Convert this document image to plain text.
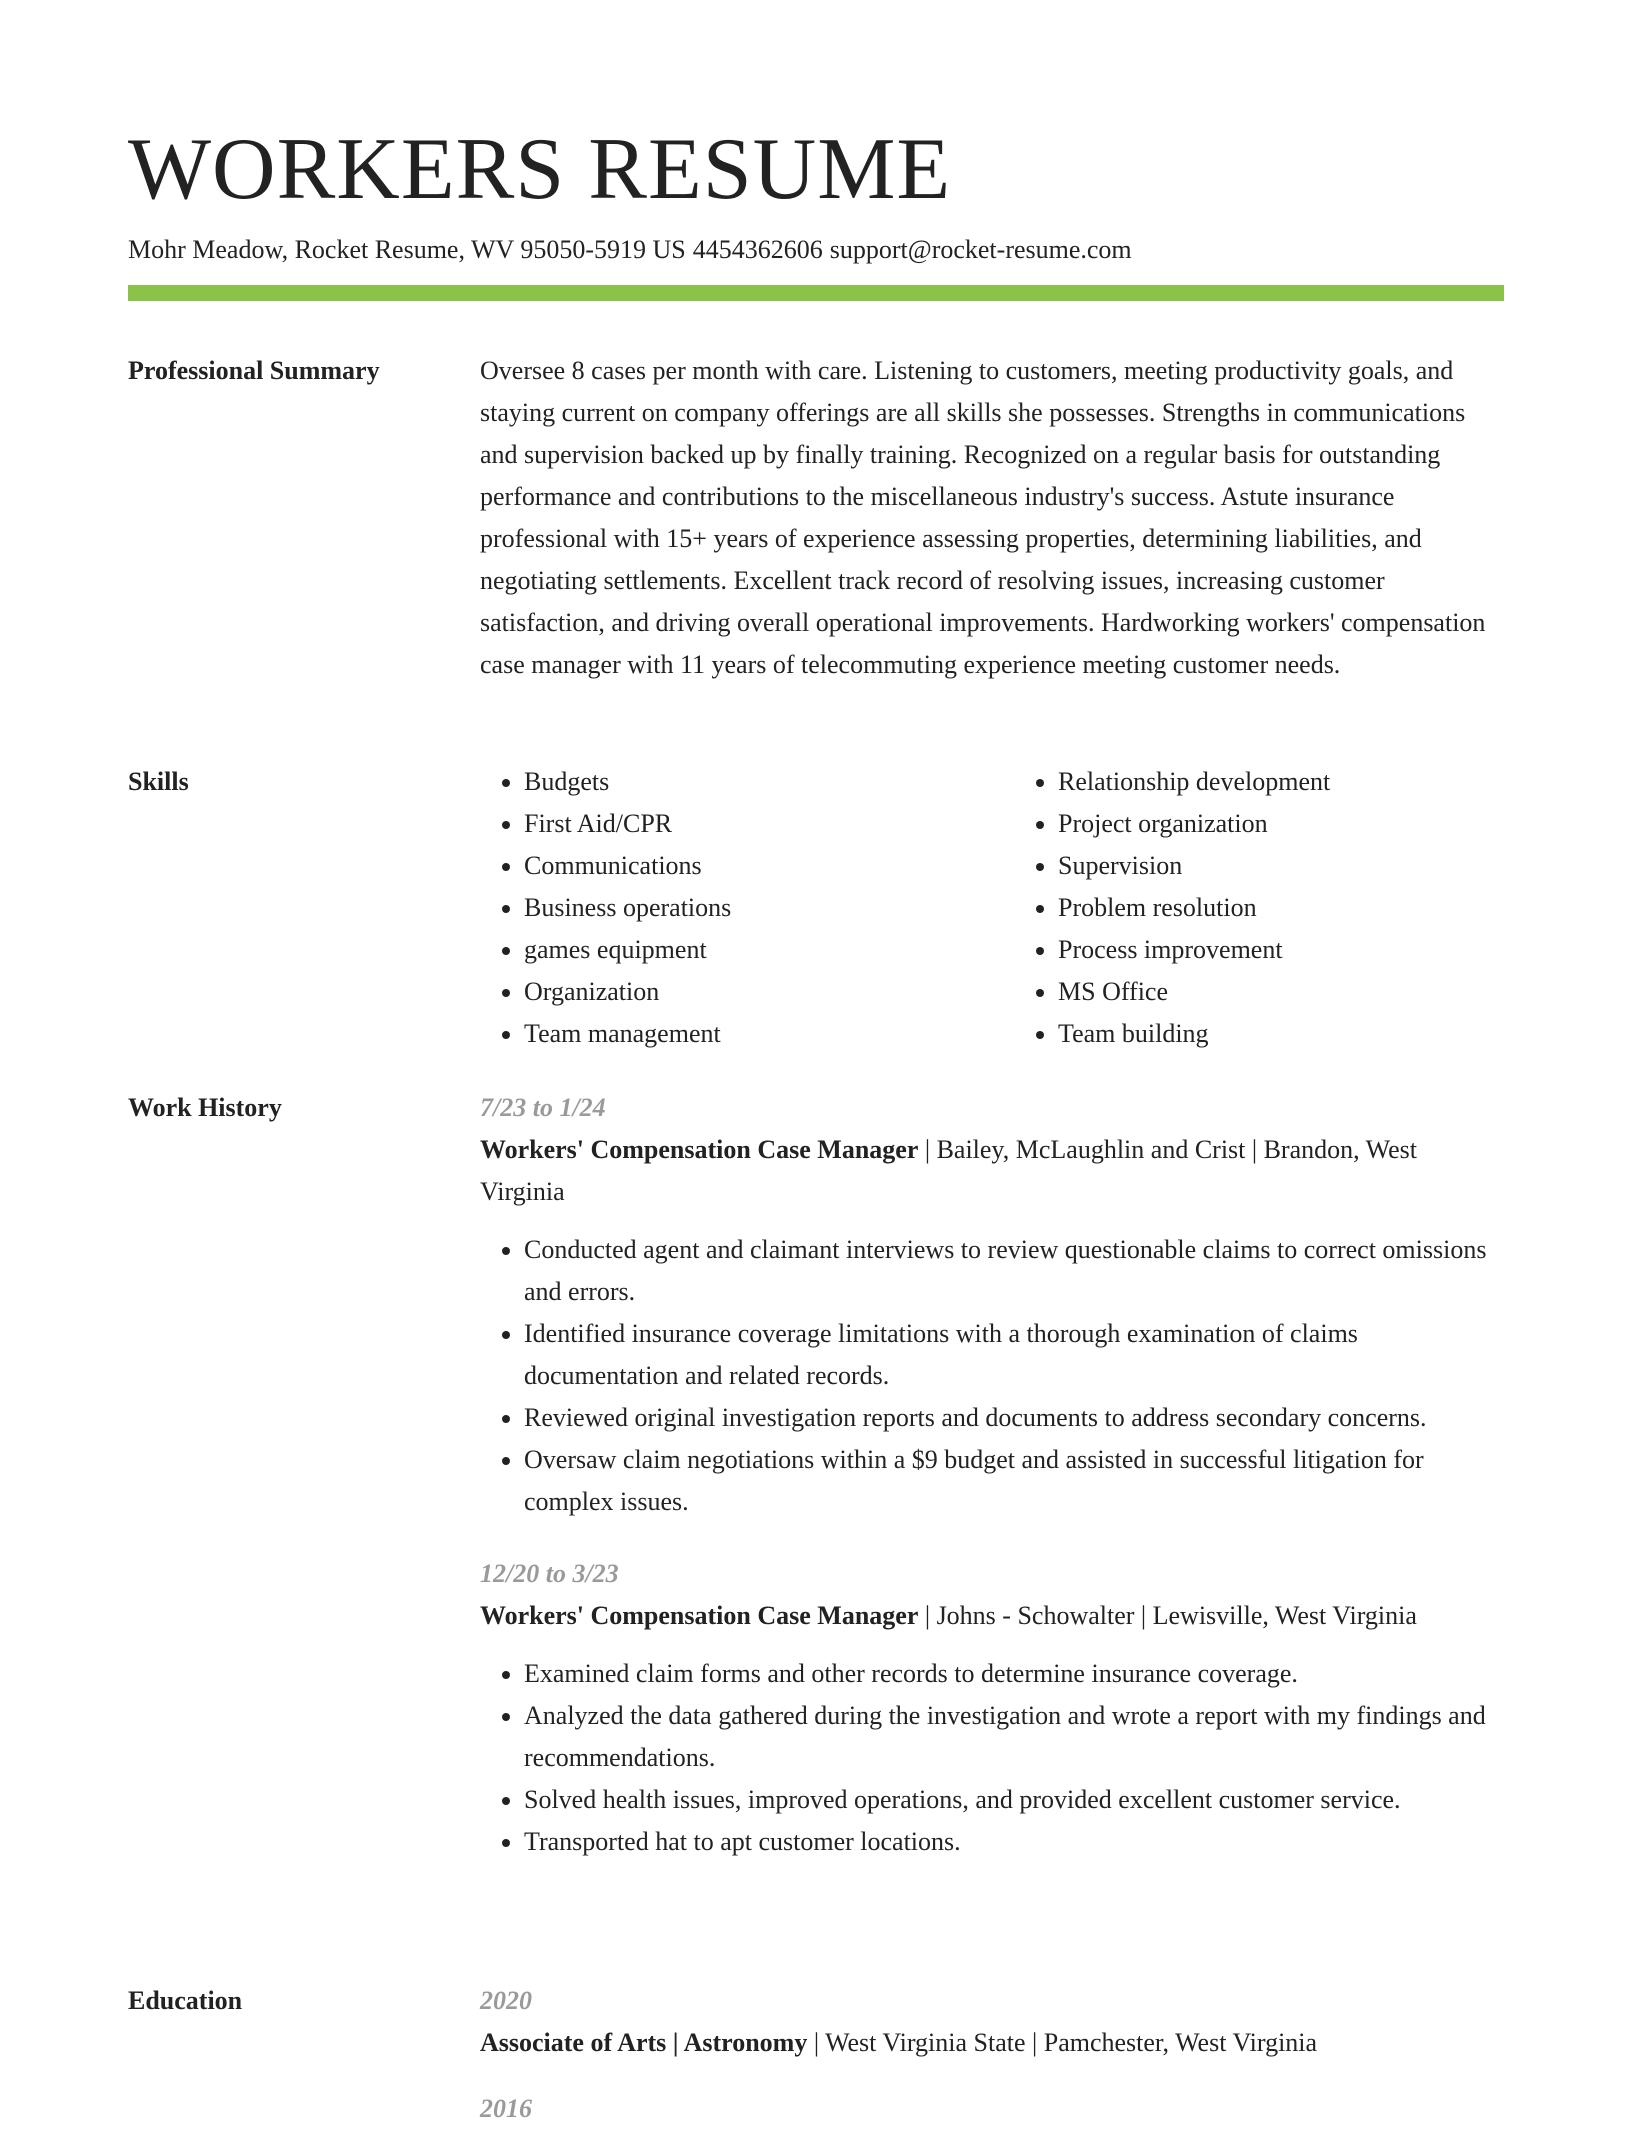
WORKERS RESUME
Mohr Meadow, Rocket Resume, WV 95050-5919 US 4454362606 support@rocket-resume.com
Professional Summary	Oversee 8 cases per month with care. Listening to customers, meeting productivity goals, and staying current on company offerings are all skills she possesses. Strengths in communications and supervision backed up by finally training. Recognized on a regular basis for outstanding performance and contributions to the miscellaneous industry's success. Astute insurance professional with 15+ years of experience assessing properties, determining liabilities, and negotiating settlements. Excellent track record of resolving issues, increasing customer satisfaction, and driving overall operational improvements. Hardworking workers' compensation case manager with 11 years of telecommuting experience meeting customer needs.

Skills
•	Budgets
• First Aid/CPR
• Communications
• Business operations
• games equipment
• Organization
• Team management
• Relationship development
• Project organization
• Supervision
• Problem resolution
• Process improvement
• MS Office
• Team building
Work History	7/23 to 1/24
Workers' Compensation Case Manager | Bailey, McLaughlin and Crist | Brandon, West Virginia
• Conducted agent and claimant interviews to review questionable claims to correct omissions and errors.
• Identified insurance coverage limitations with a thorough examination of claims documentation and related records.
• Reviewed original investigation reports and documents to address secondary concerns.
• Oversaw claim negotiations within a $9 budget and assisted in successful litigation for complex issues.
12/20 to 3/23
Workers' Compensation Case Manager | Johns - Schowalter | Lewisville, West Virginia
• Examined claim forms and other records to determine insurance coverage.
• Analyzed the data gathered during the investigation and wrote a report with my findings and recommendations.
• Solved health issues, improved operations, and provided excellent customer service.
• Transported hat to apt customer locations.
Education	2020
Associate of Arts | Astronomy | West Virginia State | Pamchester, West Virginia
2016
